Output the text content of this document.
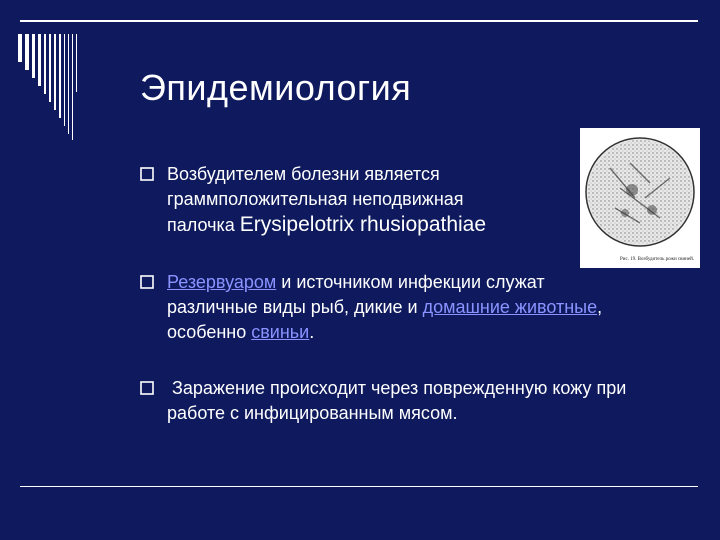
Эпидемиология
Возбудителем болезни является
граммположительная неподвижная
палочка Erysipelotrix rhusiopathiae
Рис. 19. Возбудитель рожи свиней.
Резервуаром и источником инфекции служат
различные виды рыб, дикие и домашние животные,
особенно свиньи.
Заражение происходит через поврежденную кожу при
работе с инфицированным мясом.
